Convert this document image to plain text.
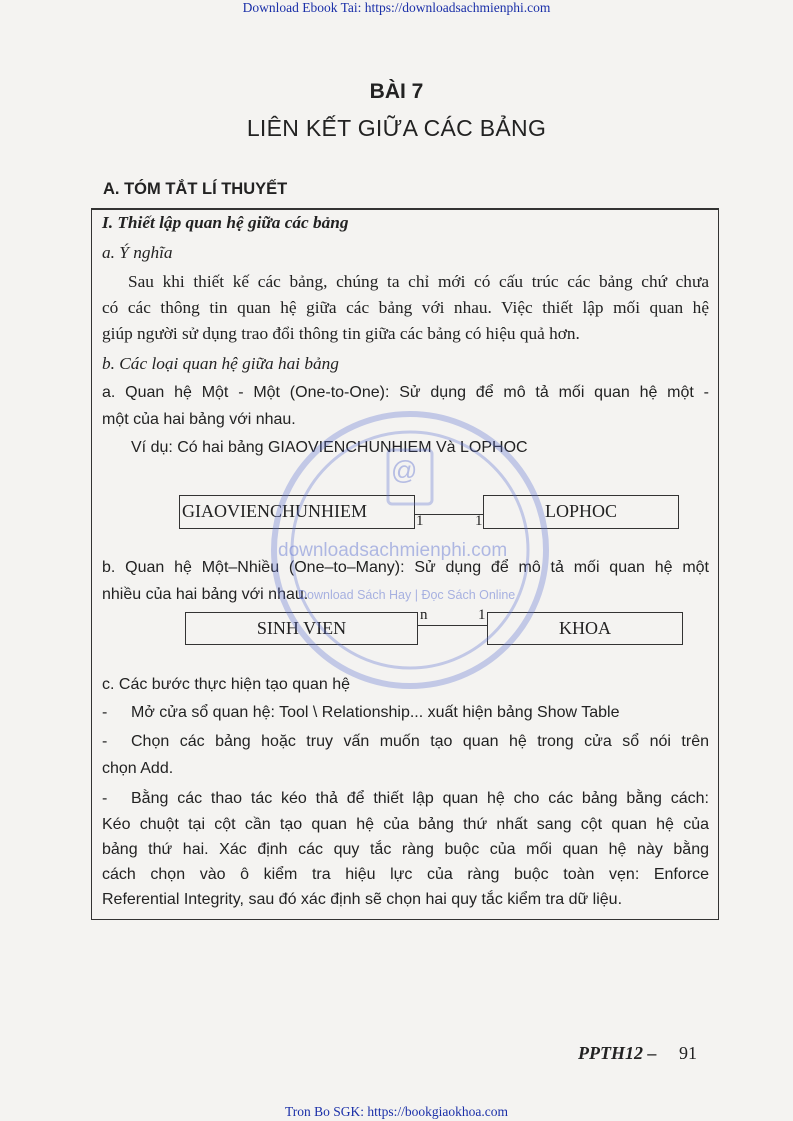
Download Ebook Tai: https://downloadsachmienphi.com
BÀI 7
LIÊN KẾT GIỮA CÁC BẢNG
A. TÓM TẮT LÍ THUYẾT
I. Thiết lập quan hệ giữa các bảng
a. Ý nghĩa
Sau khi thiết kế các bảng, chúng ta chỉ mới có cấu trúc các bảng chứ chưa
có các thông tin quan hệ giữa các bảng với nhau. Việc thiết lập mối quan hệ
giúp người sử dụng trao đổi thông tin giữa các bảng có hiệu quả hơn.
b. Các loại quan hệ giữa hai bảng
a. Quan hệ Một - Một (One-to-One): Sử dụng để mô tả mối quan hệ một -
một của hai bảng với nhau.
Ví dụ: Có hai bảng GIAOVIENCHUNHIEM Và LOPHOC
GIAOVIENCHUNHIEM	LOPHOC
1	1
b. Quan hệ Một–Nhiều (One–to–Many): Sử dụng để mô tả mối quan hệ một
nhiều của hai bảng với nhau.
SINH VIEN	KHOA
n	1
c. Các bước thực hiện tạo quan hệ
- Mở cửa sổ quan hệ: Tool \ Relationship... xuất hiện bảng Show Table
- Chọn các bảng hoặc truy vấn muốn tạo quan hệ trong cửa sổ nói trên
chọn Add.
- Bằng các thao tác kéo thả để thiết lập quan hệ cho các bảng bằng cách:
Kéo chuột tại cột cần tạo quan hệ của bảng thứ nhất sang cột quan hệ của
bảng thứ hai. Xác định các quy tắc ràng buộc của mối quan hệ này bằng
cách chọn vào ô kiểm tra hiệu lực của ràng buộc toàn vẹn: Enforce
Referential Integrity, sau đó xác định sẽ chọn hai quy tắc kiểm tra dữ liệu.
@
downloadsachmienphi.com
Download Sách Hay | Đọc Sách Online
PPTH12 – 91
Tron Bo SGK: https://bookgiaokhoa.com
